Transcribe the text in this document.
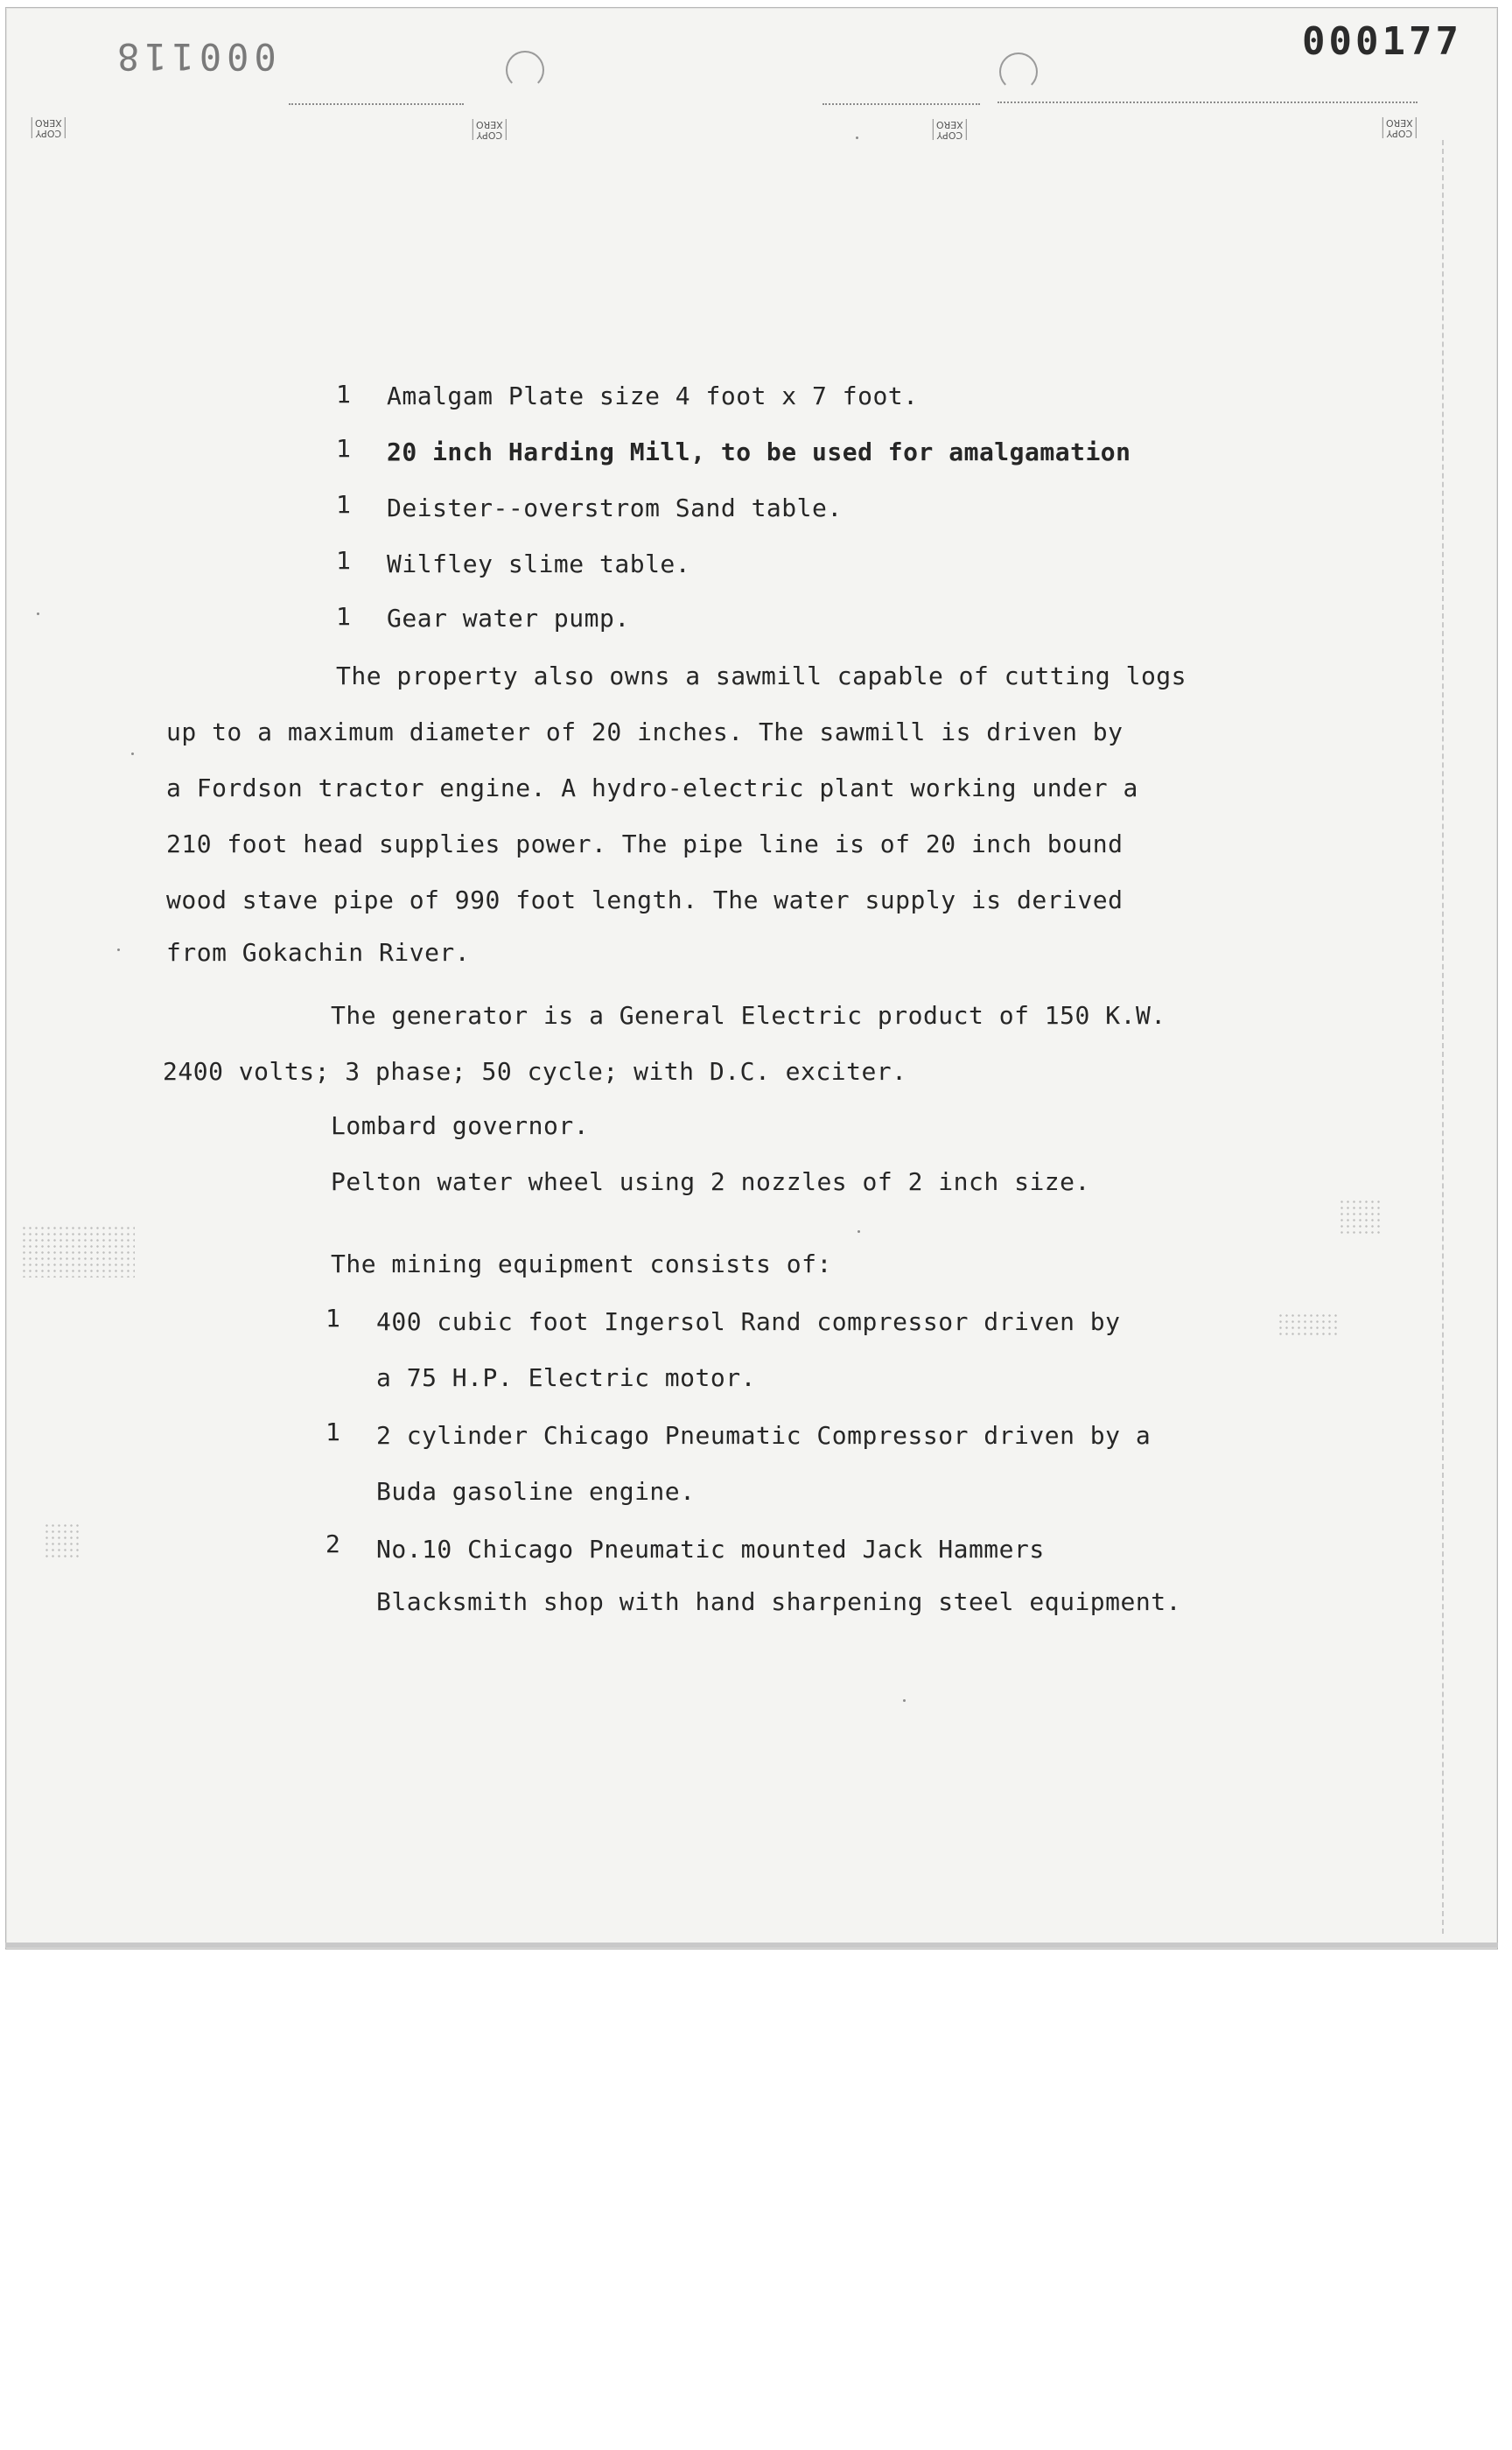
000118	000177
COPY
XERO
COPY
XERO
COPY
XERO
COPY
XERO

1 Amalgam Plate size 4 foot x 7 foot.

1 20 inch Harding Mill, to be used for amalgamation

1 Deister--overstrom Sand table.

1 Wilfley slime table.

1 Gear water pump.

The property also owns a sawmill capable of cutting logs

up to a maximum diameter of 20 inches. The sawmill is driven by

a Fordson tractor engine. A hydro-electric plant working under a

210 foot head supplies power. The pipe line is of 20 inch bound

wood stave pipe of 990 foot length. The water supply is derived

from Gokachin River.

The generator is a General Electric product of 150 K.W.

2400 volts; 3 phase; 50 cycle; with D.C. exciter.

Lombard governor.

Pelton water wheel using 2 nozzles of 2 inch size.

The mining equipment consists of:

1 400 cubic foot Ingersol Rand compressor driven by

a 75 H.P. Electric motor.

1 2 cylinder Chicago Pneumatic Compressor driven by a

Buda gasoline engine.

2 No.10 Chicago Pneumatic mounted Jack Hammers

Blacksmith shop with hand sharpening steel equipment.
